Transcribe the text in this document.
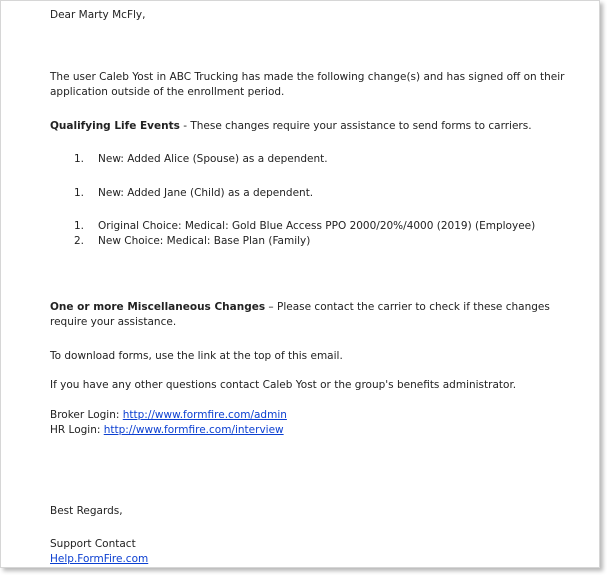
Dear Marty McFly,
The user Caleb Yost in ABC Trucking has made the following change(s) and has signed off on their
application outside of the enrollment period.
Qualifying Life Events - These changes require your assistance to send forms to carriers.
1. New: Added Alice (Spouse) as a dependent.
1. New: Added Jane (Child) as a dependent.
1. Original Choice: Medical: Gold Blue Access PPO 2000/20%/4000 (2019) (Employee)
2. New Choice: Medical: Base Plan (Family)
One or more Miscellaneous Changes – Please contact the carrier to check if these changes
require your assistance.
To download forms, use the link at the top of this email.
If you have any other questions contact Caleb Yost or the group's benefits administrator.
Broker Login: http://www.formfire.com/admin
HR Login: http://www.formfire.com/interview
Best Regards,
Support Contact
Help.FormFire.com
